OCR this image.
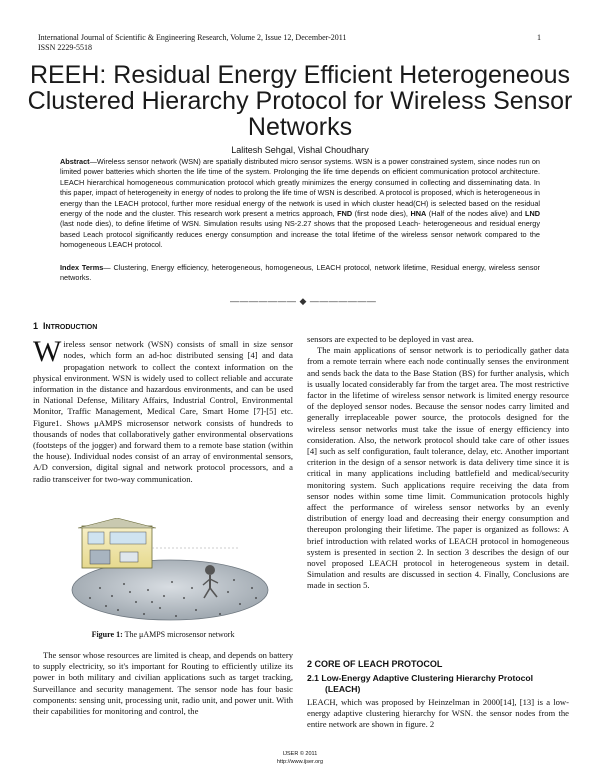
International Journal of Scientific & Engineering Research, Volume 2, Issue 12, December-2011
ISSN 2229-5518
1
REEH: Residual Energy Efficient Heterogeneous Clustered Hierarchy Protocol for Wireless Sensor Networks
Lalitesh Sehgal, Vishal Choudhary
Abstract—Wireless sensor network (WSN) are spatially distributed micro sensor systems. WSN is a power constrained system, since nodes run on limited power batteries which shorten the life time of the system. Prolonging the life time depends on efficient communication protocol architecture. LEACH hierarchical homogeneous communication protocol which greatly minimizes the energy consumed in collecting and disseminating data. In this paper, impact of heterogeneity in energy of nodes to prolong the life time of WSN is described. A protocol is proposed, which is heterogeneous in energy than the LEACH protocol, further more residual energy of the network is used in which cluster head(CH) is selected based on the residual energy of the node and the cluster. This research work present a metrics approach, FND (first node dies), HNA (Half of the nodes alive) and LND (last node dies), to define lifetime of WSN. Simulation results using NS-2.27 shows that the proposed Leach- heterogeneous and residual energy based Leach protocol significantly reduces energy consumption and increase the total lifetime of the wireless sensor network compared to the homogeneous LEACH protocol.
Index Terms— Clustering, Energy efficiency, heterogeneous, homogeneous, LEACH protocol, network lifetime, Residual energy, wireless sensor networks.
——————— ◆ ———————
1 INTRODUCTION

Wireless sensor network (WSN) consists of small in size sensor nodes, which form an ad-hoc distributed sensing [4] and data propagation network to collect the context information on the physical environment. WSN is widely used to collect reliable and accurate information in the distance and hazardous environments, and can be used in National Defense, Military Affairs, Industrial Control, Environmental Monitor, Traffic Management, Medical Care, Smart Home [7]-[5] etc. Figure1. Shows μAMPS microsensor network consists of hundreds to thousands of nodes that collaboratively gather environmental observations (footsteps of the jogger) and forward them to a remote base station (within the house). Individual nodes consist of an array of environmental sensors, A/D conversion, digital signal and network protocol processors, and a radio transceiver for two-way communication.

Figure 1: The μAMPS microsensor network

The sensor whose resources are limited is cheap, and depends on battery to supply electricity, so it's important for Routing to efficiently utilize its power in both military and civilian applications such as target tracking, Surveillance and security management. The sensor node has four basic components: sensing unit, processing unit, radio unit, and power unit. With their capabilities for monitoring and control, the

sensors are expected to be deployed in vast area.

The main applications of sensor network is to periodically gather data from a remote terrain where each node continually senses the environment and sends back the data to the Base Station (BS) for further analysis, which is usually located considerably far from the target area. The most restrictive factor in the lifetime of wireless sensor network is limited energy resource of the deployed sensor nodes. Because the sensor nodes carry limited and generally irreplaceable power source, the protocols designed for the wireless sensor networks must take the issue of energy efficiency into consideration. Also, the network protocol should take care of other issues [4] such as self configuration, fault tolerance, delay, etc. Another important criterion in the design of a sensor network is data delivery time since it is critical in many applications including battlefield and medical/security monitoring system. Such applications require receiving the data from sensor nodes within some time limit. Communication protocols highly affect the performance of wireless sensor networks by an evenly distribution of energy load and decreasing their energy consumption and thereupon prolonging their lifetime. The paper is organized as follows: A brief introduction with related works of LEACH protocol in homogeneous system is presented in section 2. In section 3 describes the design of our novel proposed LEACH protocol in heterogeneous system in detail. Simulation and results are discussed in section 4. Finally, Conclusions are made in section 5.

2 CORE OF LEACH PROTOCOL
2.1 Low-Energy Adaptive Clustering Hierarchy Protocol
(LEACH)
LEACH, which was proposed by Heinzelman in 2000[14], [13] is a low-energy adaptive clustering hierarchy for WSN. the sensor nodes from the entire network are shown in figure. 2
IJSER © 2011
http://www.ijser.org
